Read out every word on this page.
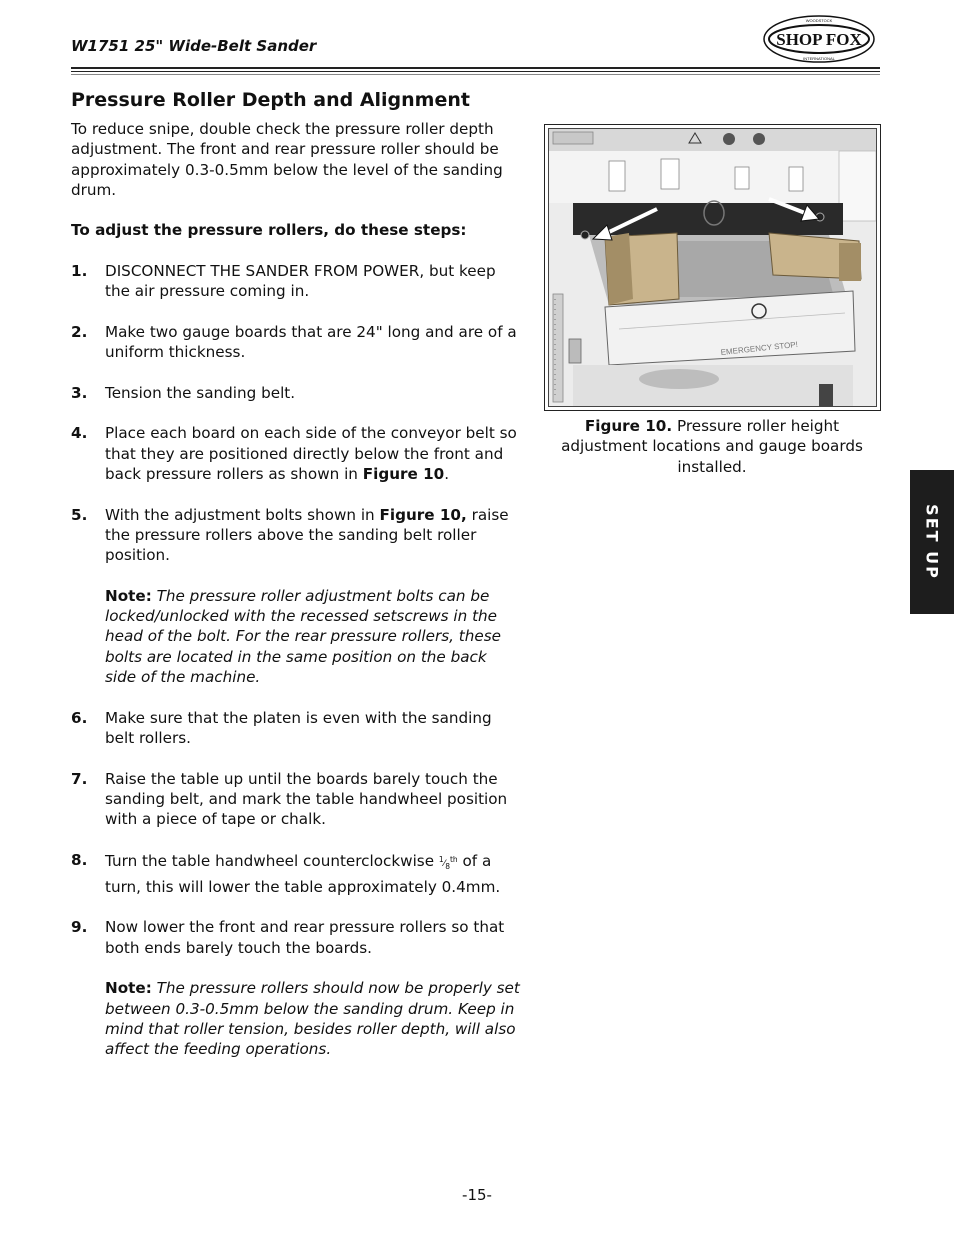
W1751 25" Wide-Belt Sander	SHOP FOX
WOODSTOCK
INTERNATIONAL
Pressure Roller Depth and Alignment

To reduce snipe, double check the pressure roller depth adjustment. The front and rear pressure roller should be approximately 0.3-0.5mm below the level of the sanding drum.

To adjust the pressure rollers, do these steps:

1.	DISCONNECT THE SANDER FROM POWER, but keep the air pressure coming in.
2.	Make two gauge boards that are 24" long and are of a uniform thickness.
3.	Tension the sanding belt.
4.	Place each board on each side of the conveyor belt so that they are positioned directly below the front and back pressure rollers as shown in Figure 10.
5.	With the adjustment bolts shown in Figure 10, raise the pressure rollers above the sanding belt roller position.
Note: The pressure roller adjustment bolts can be locked/unlocked with the recessed setscrews in the head of the bolt. For the rear pressure rollers, these bolts are located in the same position on the back side of the machine.
6.	Make sure that the platen is even with the sanding belt rollers.
7.	Raise the table up until the boards barely touch the sanding belt, and mark the table handwheel position with a piece of tape or chalk.
8.	Turn the table handwheel counterclockwise $^1⁄_8^{th}$ of a turn, this will lower the table approximately 0.4mm.
9.	Now lower the front and rear pressure rollers so that both ends barely touch the boards.
Note: The pressure rollers should now be properly set between 0.3-0.5mm below the sanding drum. Keep in mind that roller tension, besides roller depth, will also affect the feeding operations.
EMERGENCY STOP!
Figure 10. Pressure roller height adjustment locations and gauge boards installed.
SET UP
-15-
